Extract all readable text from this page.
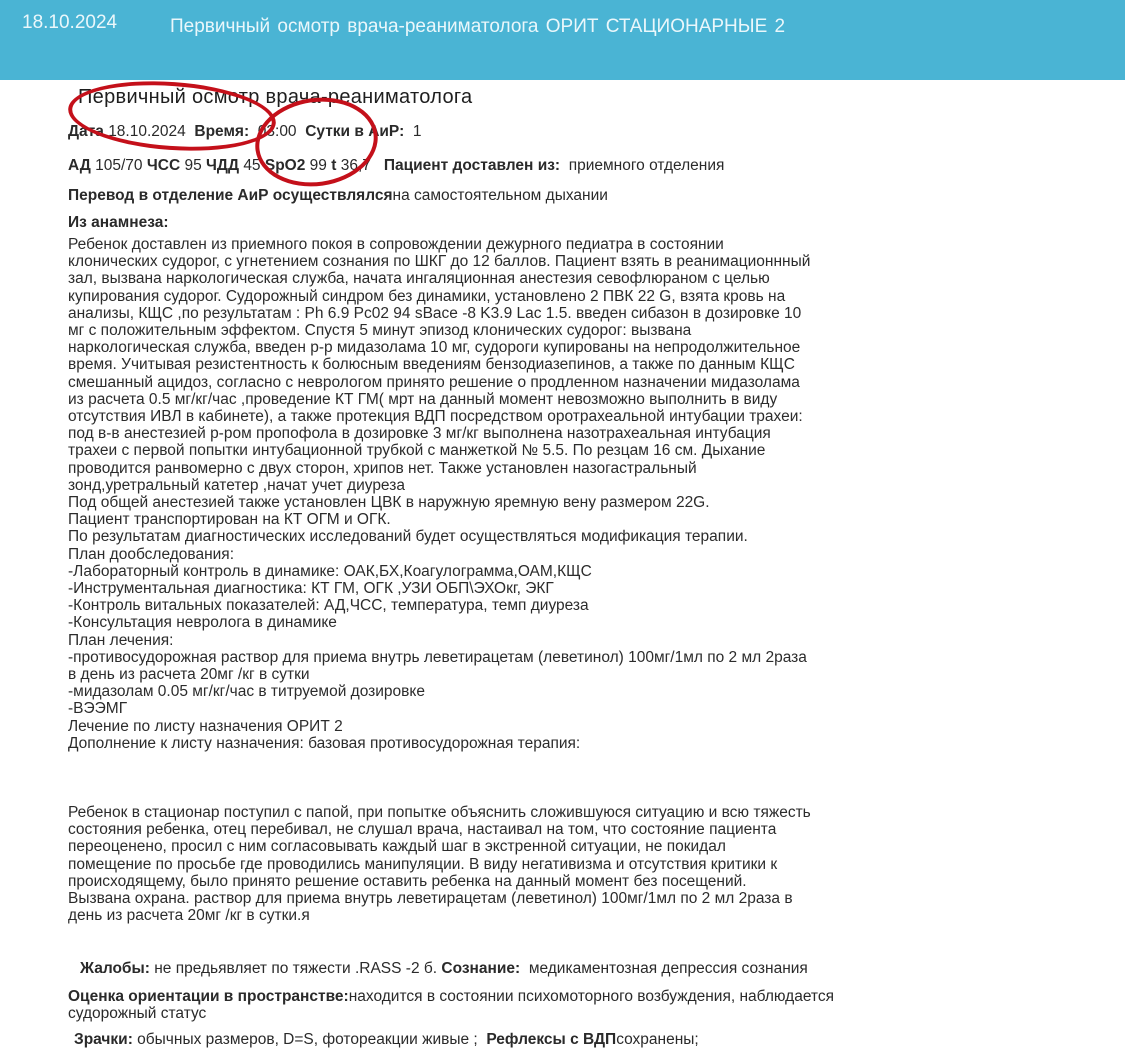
18.10.2024	Первичный осмотр врача-реаниматолога ОРИТ СТАЦИОНАРНЫЕ 2
Первичный осмотр врача-реаниматолога
Дата 18.10.2024 Время: 03:00 Сутки в АиР: 1
АД 105/70 ЧСС 95 ЧДД 45 SpO2 99 t 36,7 Пациент доставлен из: приемного отделения
Перевод в отделение АиР осуществлялсяна самостоятельном дыхании
Из анамнеза:
Ребенок доставлен из приемного покоя в сопровождении дежурного педиатра в состоянии
клонических судорог, с угнетением сознания по ШКГ до 12 баллов. Пациент взять в реанимационнный
зал, вызвана наркологическая служба, начата ингаляционная анестезия севофлюраном с целью
купирования судорог. Судорожный синдром без динамики, установлено 2 ПВК 22 G, взята кровь на
анализы, КЩС ,по результатам : Ph 6.9 Pc02 94 sBace -8 K3.9 Lac 1.5. введен сибазон в дозировке 10
мг с положительным эффектом. Спустя 5 минут эпизод клонических судорог: вызвана
наркологическая служба, введен р-р мидазолама 10 мг, судороги купированы на непродолжительное
время. Учитывая резистентность к болюсным введениям бензодиазепинов, а также по данным КЩС
смешанный ацидоз, согласно с неврологом принято решение о продленном назначении мидазолама
из расчета 0.5 мг/кг/час ,проведение КТ ГМ( мрт на данный момент невозможно выполнить в виду
отсутствия ИВЛ в кабинете), а также протекция ВДП посредством оротрахеальной интубации трахеи:
под в-в анестезией р-ром пропофола в дозировке 3 мг/кг выполнена назотрахеальная интубация
трахеи с первой попытки интубационной трубкой с манжеткой № 5.5. По резцам 16 см. Дыхание
проводится ранвомерно с двух сторон, хрипов нет. Также установлен назогастральный
зонд,уретральный катетер ,начат учет диуреза
Под общей анестезией также установлен ЦВК в наружную яремную вену размером 22G.
Пациент транспортирован на КТ ОГМ и ОГК.
По результатам диагностических исследований будет осуществляться модификация терапии.
План дообследования:
-Лабораторный контроль в динамике: ОАК,БХ,Коагулограмма,ОАМ,КЩС
-Инструментальная диагностика: КТ ГМ, ОГК ,УЗИ ОБП\ЭХОкг, ЭКГ
-Контроль витальных показателей: АД,ЧСС, температура, темп диуреза
-Консультация невролога в динамике
План лечения:
-противосудорожная раствор для приема внутрь леветирацетам (леветинол) 100мг/1мл по 2 мл 2раза
в день из расчета 20мг /кг в сутки
-мидазолам 0.05 мг/кг/час в титруемой дозировке
-ВЭЭМГ
Лечение по листу назначения ОРИТ 2
Дополнение к листу назначения: базовая противосудорожная терапия:
Ребенок в стационар поступил с папой, при попытке объяснить сложившуюся ситуацию и всю тяжесть
состояния ребенка, отец перебивал, не слушал врача, настаивал на том, что состояние пациента
переоценено, просил с ним согласовывать каждый шаг в экстренной ситуации, не покидал
помещение по просьбе где проводились манипуляции. В виду негативизма и отсутствия критики к
происходящему, было принято решение оставить ребенка на данный момент без посещений.
Вызвана охрана. раствор для приема внутрь леветирацетам (леветинол) 100мг/1мл по 2 мл 2раза в
день из расчета 20мг /кг в сутки.я
Жалобы: не предьявляет по тяжести .RASS -2 б. Сознание: медикаментозная депрессия сознания
Оценка ориентации в пространстве:находится в состоянии психомоторного возбуждения, наблюдается
судорожный статус
Зрачки: обычных размеров, D=S, фотореакции живые ; Рефлексы с ВДПсохранены;
